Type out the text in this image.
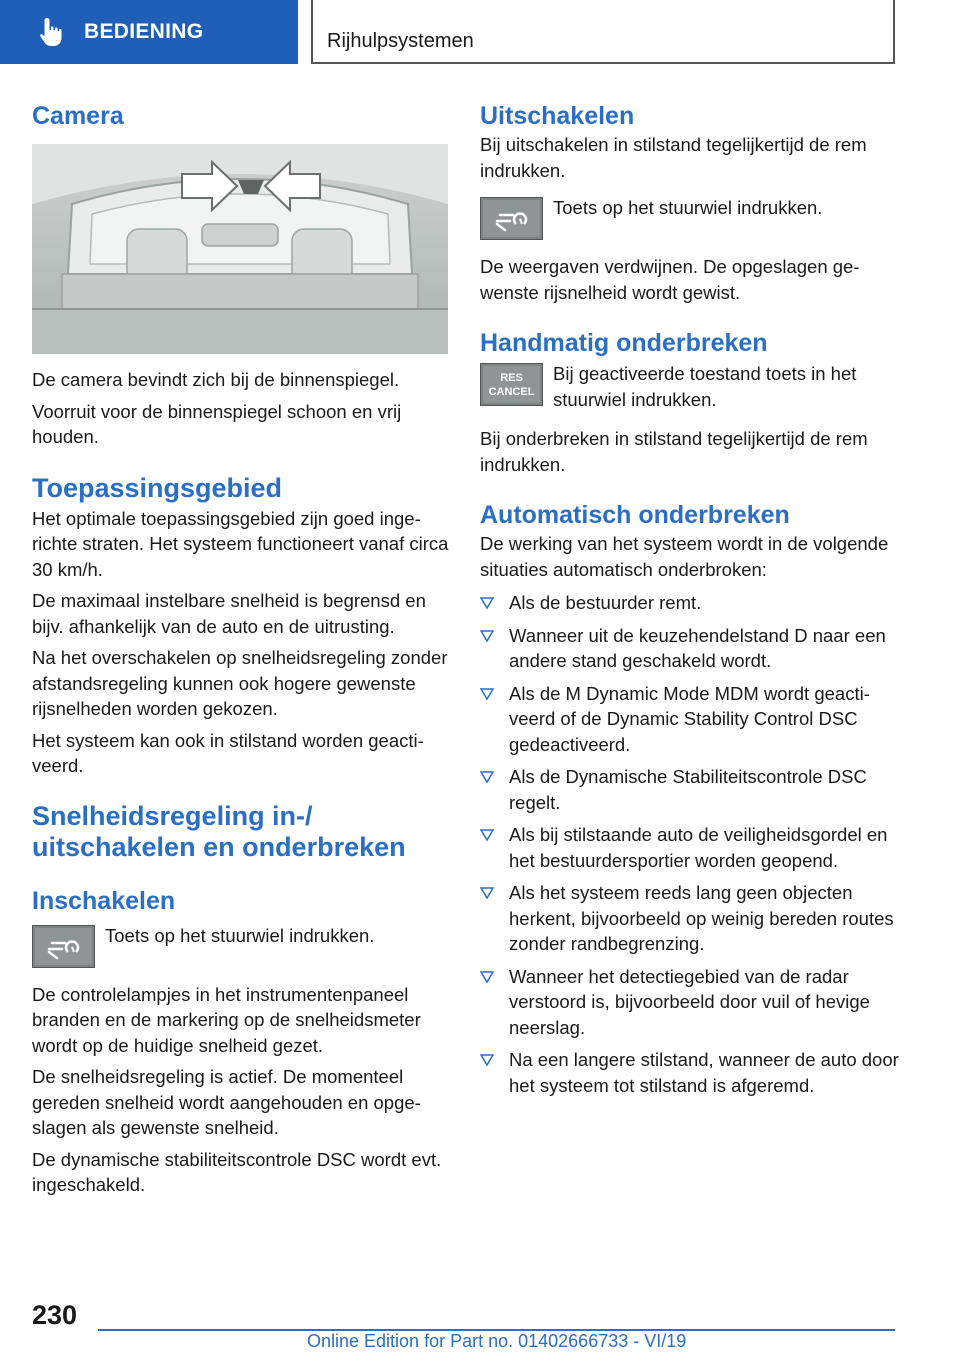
BEDIENING	Rijhulpsystemen
Camera

De camera bevindt zich bij de binnenspiegel.

Voorruit voor de binnenspiegel schoon en vrij houden.

Toepassingsgebied

Het optimale toepassingsgebied zijn goed ingerichte straten. Het systeem functioneert vanaf circa 30 km/h.

De maximaal instelbare snelheid is begrensd en bijv. afhankelijk van de auto en de uitrusting.

Na het overschakelen op snelheidsregeling zonder afstandsregeling kunnen ook hogere gewenste rijsnelheden worden gekozen.

Het systeem kan ook in stilstand worden geactiveerd.

Snelheidsregeling in-/ uitschakelen en onderbreken
Inschakelen

Toets op het stuurwiel indrukken.

De controlelampjes in het instrumentenpaneel branden en de markering op de snelheidsmeter wordt op de huidige snelheid gezet.

De snelheidsregeling is actief. De momenteel gereden snelheid wordt aangehouden en opgeslagen als gewenste snelheid.

De dynamische stabiliteitscontrole DSC wordt evt. ingeschakeld.

Uitschakelen

Bij uitschakelen in stilstand tegelijkertijd de rem indrukken.

Toets op het stuurwiel indrukken.

De weergaven verdwijnen. De opgeslagen gewenste rijsnelheid wordt gewist.

Handmatig onderbreken
RES
CANCEL

Bij geactiveerde toestand toets in het stuurwiel indrukken.

Bij onderbreken in stilstand tegelijkertijd de rem indrukken.

Automatisch onderbreken

De werking van het systeem wordt in de volgende situaties automatisch onderbroken:

Als de bestuurder remt.
Wanneer uit de keuzehendelstand D naar een andere stand geschakeld wordt.
Als de M Dynamic Mode MDM wordt geactiveerd of de Dynamic Stability Control DSC gedeactiveerd.
Als de Dynamische Stabiliteitscontrole DSC regelt.
Als bij stilstaande auto de veiligheidsgordel en het bestuurdersportier worden geopend.
Als het systeem reeds lang geen objecten herkent, bijvoorbeeld op weinig bereden routes zonder randbegrenzing.
Wanneer het detectiegebied van de radar verstoord is, bijvoorbeeld door vuil of hevige neerslag.
Na een langere stilstand, wanneer de auto door het systeem tot stilstand is afgeremd.
230
Online Edition for Part no. 01402666733 - VI/19
